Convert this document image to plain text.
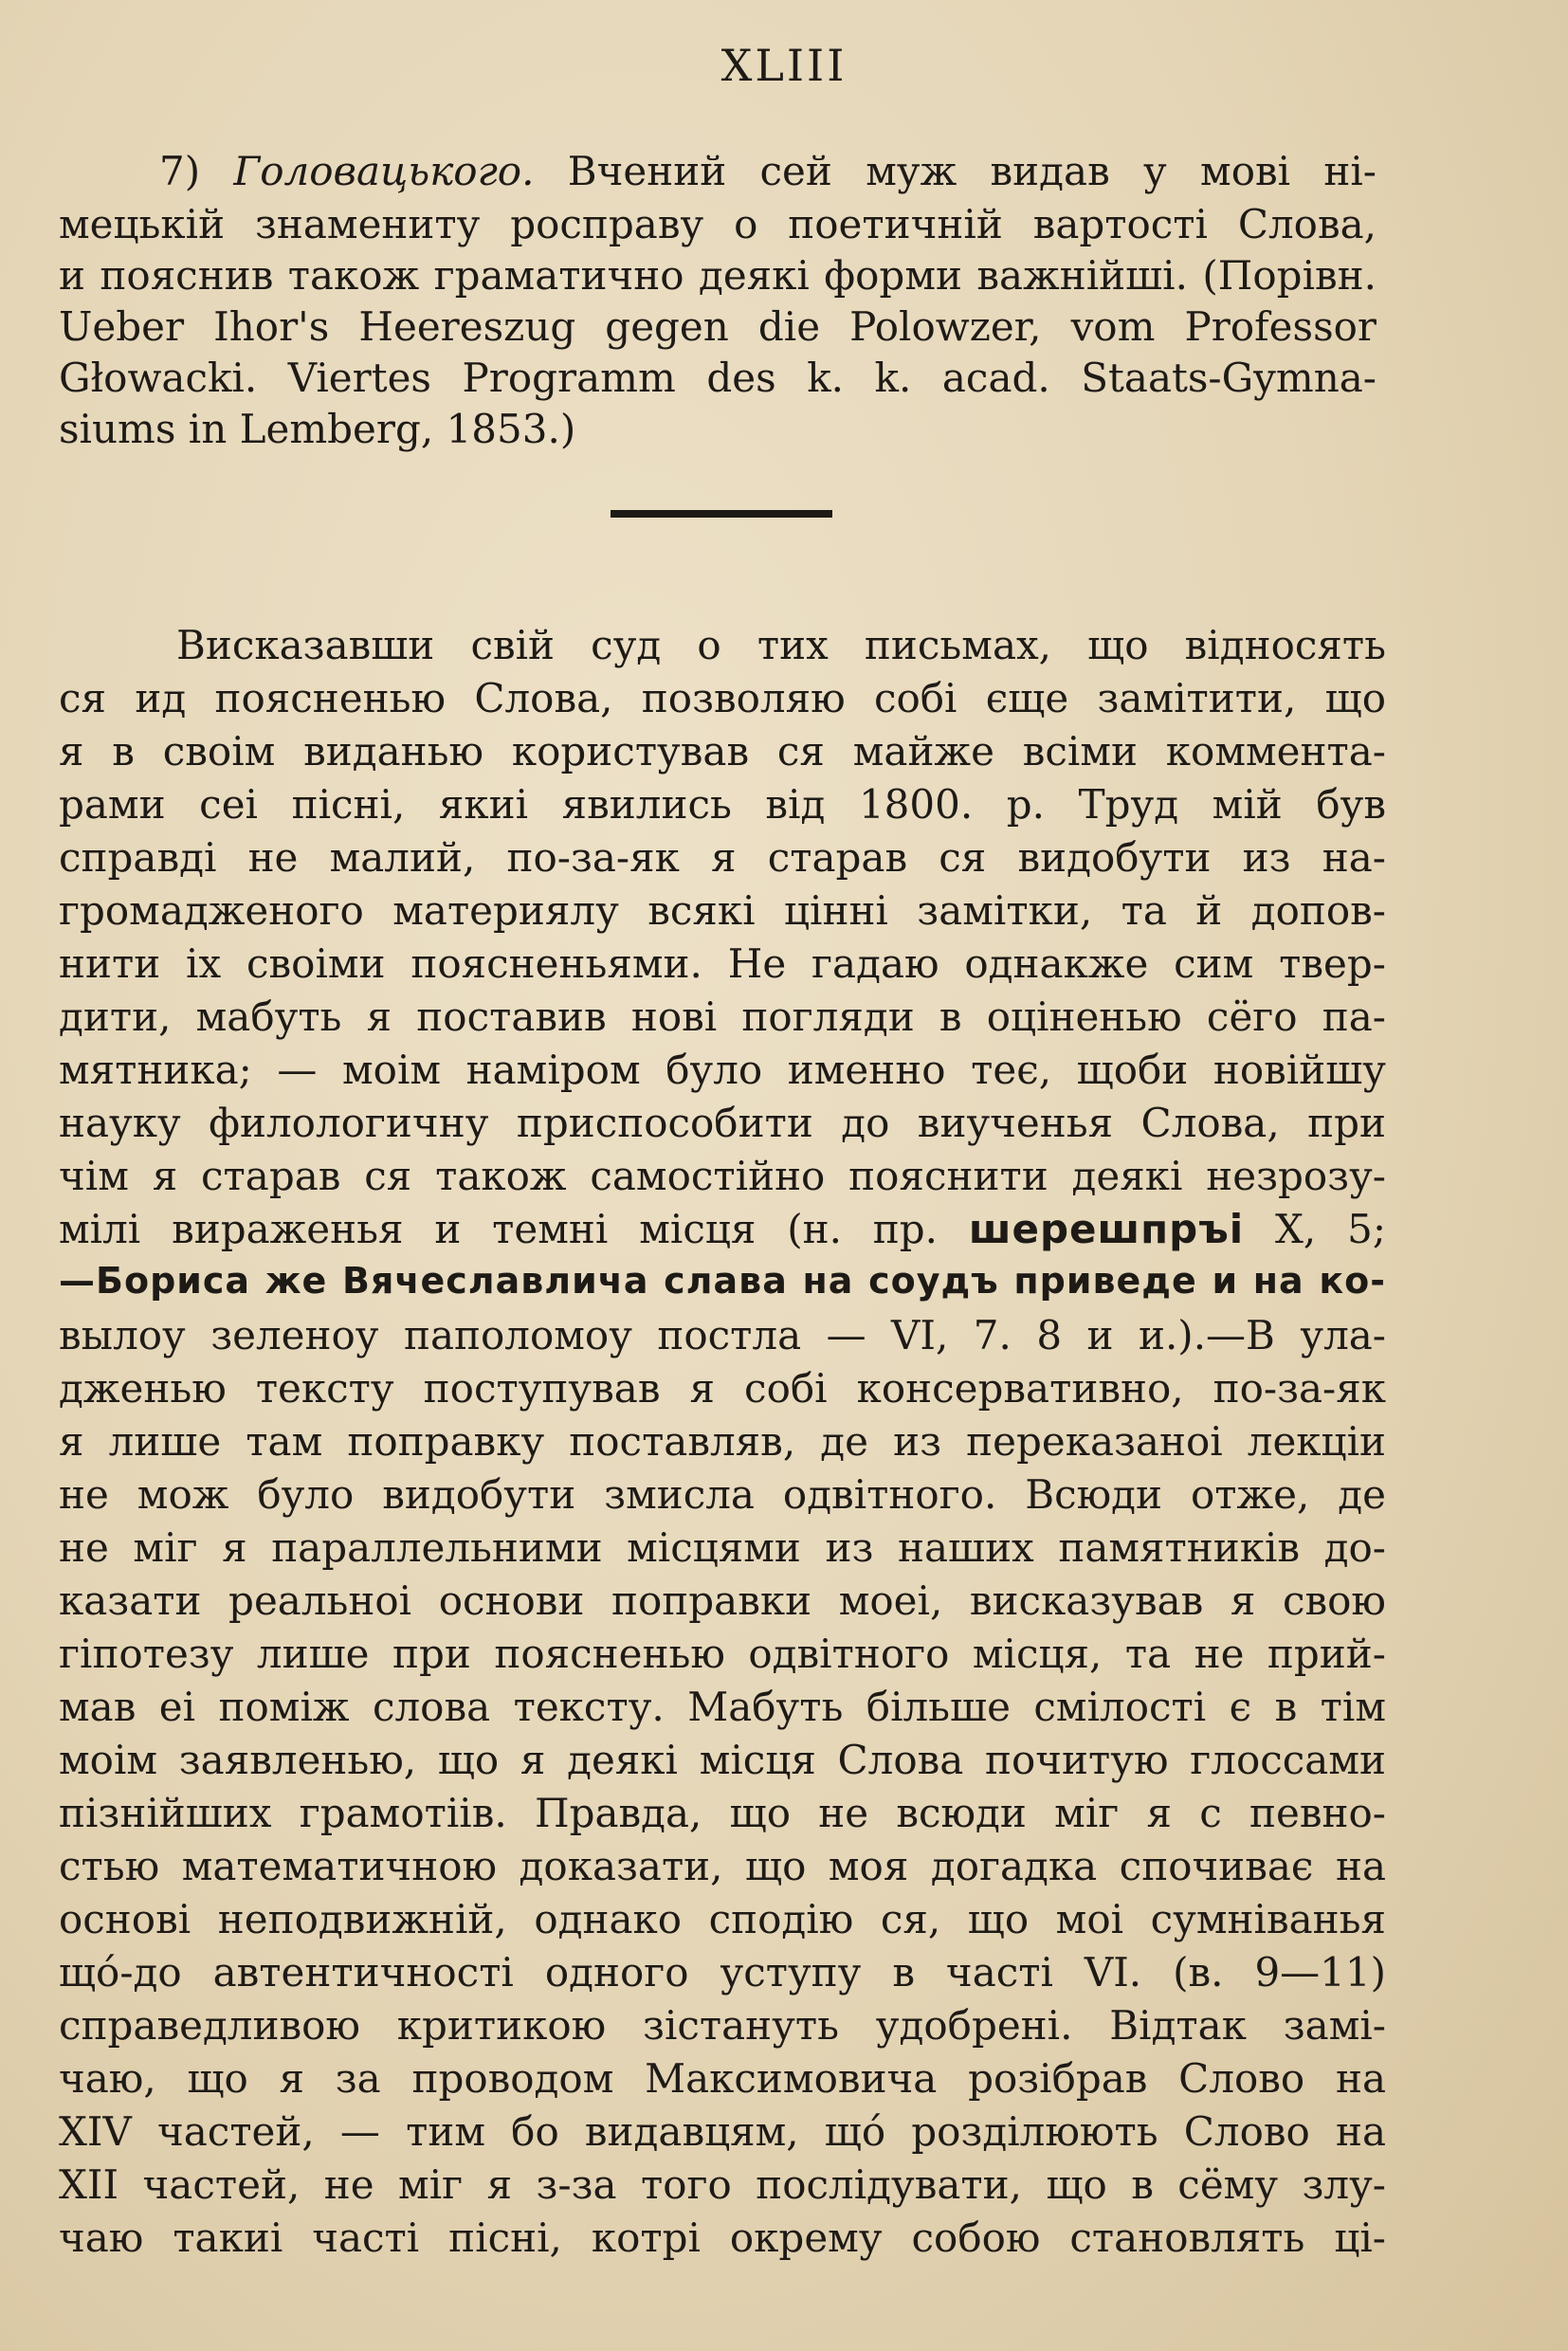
XLIII
7) Головацького. Вчений сей муж видав у мові ні-
мецькій знамениту росправу о поетичній вартості Слова,
и пояснив також граматично деякі форми важнійші. (Порівн.
Ueber Ihor's Heereszug gegen die Polowzer, vom Professor
Głowacki. Viertes Programm des k. k. acad. Staats-Gymna-
siums in Lemberg, 1853.)
Висказавши свій суд о тих письмах, що відносять
ся ид поясненью Слова, позволяю собі єще замітити, що
я в своім виданью користував ся майже всіми коммента-
рами сеі пісні, якиі явились від 1800. р. Труд мій був
справді не малий, по-за-як я старав ся видобути из на-
громадженого материялу всякі цінні замітки, та й допов-
нити іх своіми поясненьями. Не гадаю однакже сим твер-
дити, мабуть я поставив нові погляди в оціненью сёго па-
мятника; — моім наміром було именно теє, щоби новійшу
науку филологичну приспособити до виученья Слова, при
чім я старав ся також самостійно пояснити деякі незрозу-
мілі вираженья и темні місця (н. пр. шерешпръі X, 5;
—Бориса же Вячеславлича слава на соудъ приведе и на ко-
вылоу зеленоу паполомоу постла — VI, 7. 8 и и.).—В ула-
дженью тексту поступував я собі консервативно, по-за-як
я лише там поправку поставляв, де из переказаноі лекціи
не мож було видобути змисла одвітного. Всюди отже, де
не міг я параллельними місцями из наших памятників до-
казати реальноі основи поправки моеі, висказував я свою
гіпотезу лише при поясненью одвітного місця, та не прий-
мав еі поміж слова тексту. Мабуть більше смілості є в тім
моім заявленью, що я деякі місця Слова почитую глоссами
пізнійших грамотіів. Правда, що не всюди міг я с певно-
стью математичною доказати, що моя догадка спочиває на
основі неподвижній, однако сподію ся, що моі сумніванья
щó-до автентичності одного уступу в часті VI. (в. 9—11)
справедливою критикою зістануть удобрені. Відтак замі-
чаю, що я за проводом Максимовича розібрав Слово на
XIV частей, — тим бо видавцям, щó розділюють Слово на
XII частей, не міг я з-за того послідувати, що в сёму злу-
чаю такиі часті пісні, котрі окрему собою становлять ці-
